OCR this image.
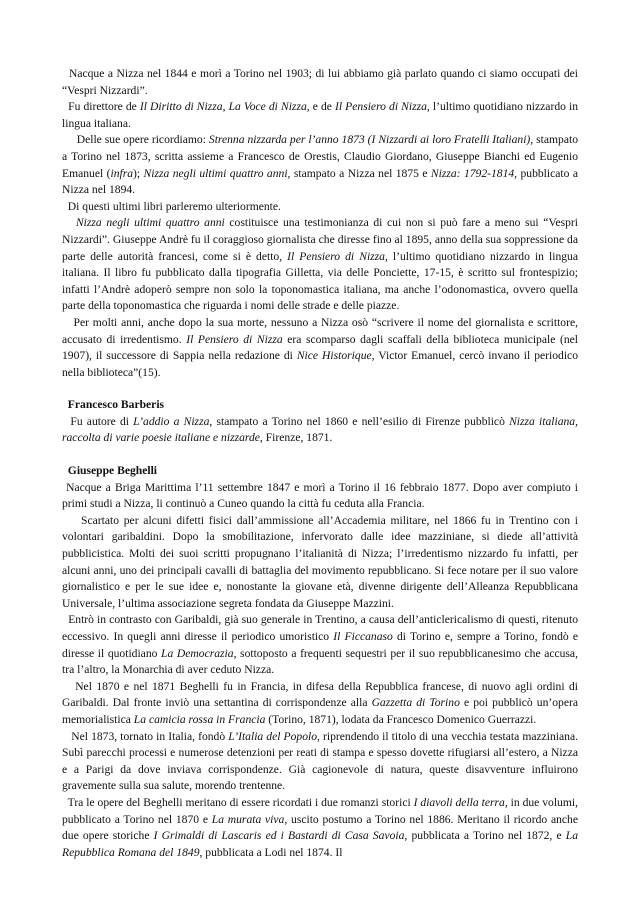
Nacque a Nizza nel 1844 e morì a Torino nel 1903; di lui abbiamo già parlato quando ci siamo occupati dei “Vespri Nizzardi”.

Fu direttore de Il Diritto di Nizza, La Voce di Nizza, e de Il Pensiero di Nizza, l’ultimo quotidiano nizzardo in lingua italiana.

Delle sue opere ricordiamo: Strenna nizzarda per l’anno 1873 (I Nizzardi ai loro Fratelli Italiani), stampato a Torino nel 1873, scritta assieme a Francesco de Orestis, Claudio Giordano, Giuseppe Bianchi ed Eugenio Emanuel (infra); Nizza negli ultimi quattro anni, stampato a Nizza nel 1875 e Nizza: 1792-1814, pubblicato a Nizza nel 1894.

Di questi ultimi libri parleremo ulteriormente.

Nizza negli ultimi quattro anni costituisce una testimonianza di cui non si può fare a meno sui “Vespri Nizzardi”. Giuseppe Andrè fu il coraggioso giornalista che diresse fino al 1895, anno della sua soppressione da parte delle autorità francesi, come si è detto, Il Pensiero di Nizza, l’ultimo quotidiano nizzardo in lingua italiana. Il libro fu pubblicato dalla tipografia Gilletta, via delle Ponciette, 17-15, è scritto sul frontespizio; infatti l’Andrè adoperò sempre non solo la toponomastica italiana, ma anche l’odonomastica, ovvero quella parte della toponomastica che riguarda i nomi delle strade e delle piazze.

Per molti anni, anche dopo la sua morte, nessuno a Nizza osò “scrivere il nome del giornalista e scrittore, accusato di irredentismo. Il Pensiero di Nizza era scomparso dagli scaffali della biblioteca municipale (nel 1907), il successore di Sappia nella redazione di Nice Historique, Victor Emanuel, cercò invano il periodico nella biblioteca”(15).

Francesco Barberis

Fu autore di L’addio a Nizza, stampato a Torino nel 1860 e nell’esilio di Firenze pubblicò Nizza italiana, raccolta di varie poesie italiane e nizzarde, Firenze, 1871.

Giuseppe Beghelli

Nacque a Briga Marittima l’11 settembre 1847 e morì a Torino il 16 febbraio 1877. Dopo aver compiuto i primi studi a Nizza, li continuò a Cuneo quando la città fu ceduta alla Francia.

Scartato per alcuni difetti fisici dall’ammissione all’Accademia militare, nel 1866 fu in Trentino con i volontari garibaldini. Dopo la smobilitazione, infervorato dalle idee mazziniane, si diede all’attività pubblicistica. Molti dei suoi scritti propugnano l’italianità di Nizza; l’irredentismo nizzardo fu infatti, per alcuni anni, uno dei principali cavalli di battaglia del movimento repubblicano. Si fece notare per il suo valore giornalistico e per le sue idee e, nonostante la giovane età, divenne dirigente dell’Alleanza Repubblicana Universale, l’ultima associazione segreta fondata da Giuseppe Mazzini.

Entrò in contrasto con Garibaldi, già suo generale in Trentino, a causa dell’anticlericalismo di questi, ritenuto eccessivo. In quegli anni diresse il periodico umoristico Il Ficcanaso di Torino e, sempre a Torino, fondò e diresse il quotidiano La Democrazia, sottoposto a frequenti sequestri per il suo repubblicanesimo che accusa, tra l’altro, la Monarchia di aver ceduto Nizza.

Nel 1870 e nel 1871 Beghelli fu in Francia, in difesa della Repubblica francese, di nuovo agli ordini di Garibaldi. Dal fronte inviò una settantina di corrispondenze alla Gazzetta di Torino e poi pubblicò un’opera memorialistica La camicia rossa in Francia (Torino, 1871), lodata da Francesco Domenico Guerrazzi.

Nel 1873, tornato in Italia, fondò L’Italia del Popolo, riprendendo il titolo di una vecchia testata mazziniana. Subì parecchi processi e numerose detenzioni per reati di stampa e spesso dovette rifugiarsi all’estero, a Nizza e a Parigi da dove inviava corrispondenze. Già cagionevole di natura, queste disavventure influirono gravemente sulla sua salute, morendo trentenne.

Tra le opere del Beghelli meritano di essere ricordati i due romanzi storici I diavoli della terra, in due volumi, pubblicato a Torino nel 1870 e La murata viva, uscito postumo a Torino nel 1886. Meritano il ricordo anche due opere storiche I Grimaldi di Lascaris ed i Bastardi di Casa Savoia, pubblicata a Torino nel 1872, e La Repubblica Romana del 1849, pubblicata a Lodi nel 1874. Il
